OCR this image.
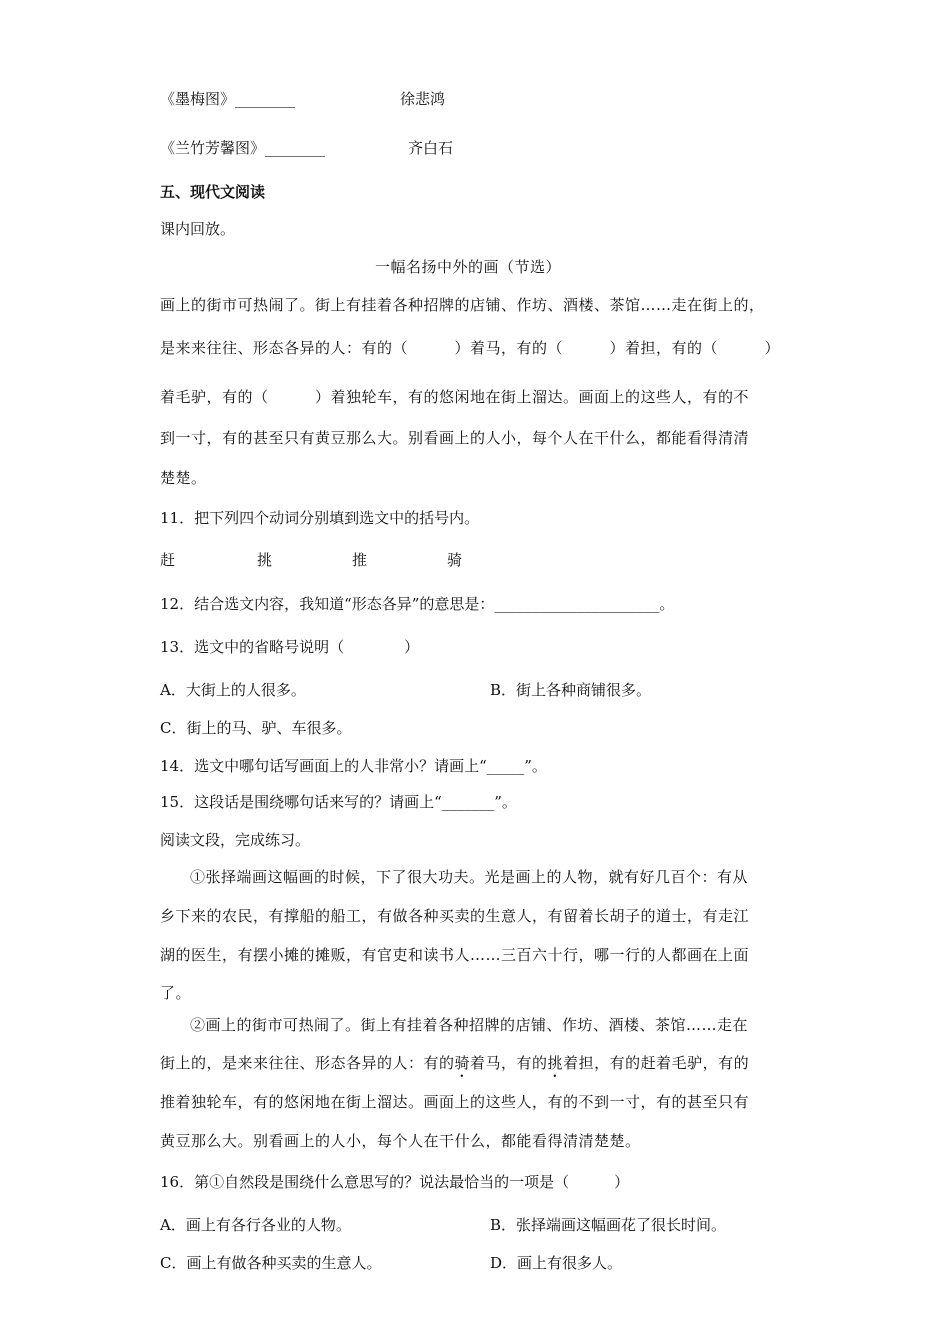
《墨梅图》________	徐悲鸿
《兰竹芳馨图》________	齐白石
五、现代文阅读
课内回放。
一幅名扬中外的画（节选）
画上的街市可热闹了。街上有挂着各种招牌的店铺、作坊、酒楼、茶馆……走在街上的，
是来来往往、形态各异的人：有的（　　　）着马，有的（　　　）着担，有的（　　　）
着毛驴，有的（　　　）着独轮车，有的悠闲地在街上溜达。画面上的这些人，有的不
到一寸，有的甚至只有黄豆那么大。别看画上的人小，每个人在干什么，都能看得清清
楚楚。
11．把下列四个动词分别填到选文中的括号内。
赶	挑	推	骑
12．结合选文内容，我知道“形态各异”的意思是：______________________。
13．选文中的省略号说明（　　　　）
A．大街上的人很多。	B．街上各种商铺很多。
C．街上的马、驴、车很多。
14．选文中哪句话写画面上的人非常小？请画上“_____”。
15．这段话是围绕哪句话来写的？请画上“_______”。
阅读文段，完成练习。
①张择端画这幅画的时候，下了很大功夫。光是画上的人物，就有好几百个：有从
乡下来的农民，有撑船的船工，有做各种买卖的生意人，有留着长胡子的道士，有走江
湖的医生，有摆小摊的摊贩，有官吏和读书人……三百六十行，哪一行的人都画在上面
了。
②画上的街市可热闹了。街上有挂着各种招牌的店铺、作坊、酒楼、茶馆……走在
街上的，是来来往往、形态各异的人：有的骑着马，有的挑着担，有的赶着毛驴，有的
推着独轮车，有的悠闲地在街上溜达。画面上的这些人，有的不到一寸，有的甚至只有
黄豆那么大。别看画上的人小，每个人在干什么，都能看得清清楚楚。
16．第①自然段是围绕什么意思写的？说法最恰当的一项是（　　　）
A．画上有各行各业的人物。	B．张择端画这幅画花了很长时间。
C．画上有做各种买卖的生意人。	D．画上有很多人。
